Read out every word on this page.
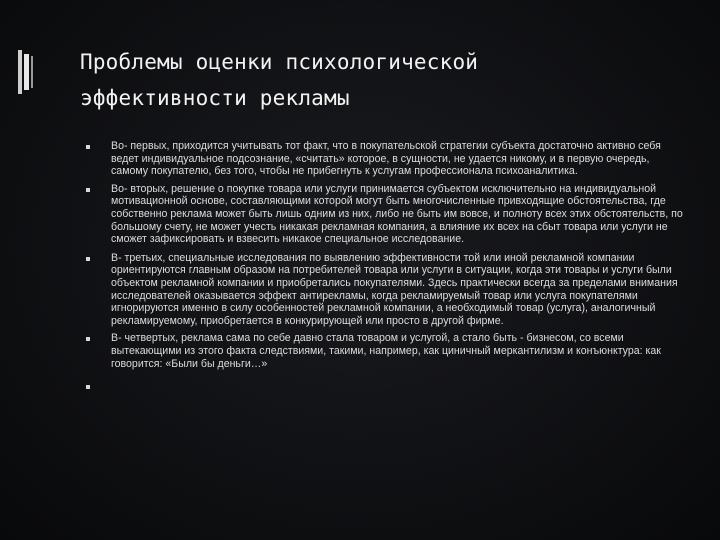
Проблемы оценки психологической
эффективности рекламы
Во- первых, приходится учитывать тот факт, что в покупательской стратегии субъекта достаточно активно себя ведет индивидуальное подсознание, «считать» которое, в сущности, не удается никому, и в первую очередь, самому покупателю, без того, чтобы не прибегнуть к услугам профессионала психоаналитика.
Во- вторых, решение о покупке товара или услуги принимается субъектом исключительно на индивидуальной мотивационной основе, составляющими которой могут быть многочисленные привходящие обстоятельства, где собственно реклама может быть лишь одним из них, либо не быть им вовсе, и полноту всех этих обстоятельств, по большому счету, не может учесть никакая рекламная компания, а влияние их всех на сбыт товара или услуги не сможет зафиксировать и взвесить никакое специальное исследование.
В- третьих, специальные исследования по выявлению эффективности той или иной рекламной компании ориентируются главным образом на потребителей товара или услуги в ситуации, когда эти товары и услуги были объектом рекламной компании и приобретались покупателями. Здесь практически всегда за пределами внимания исследователей оказывается эффект антирекламы, когда рекламируемый товар или услуга покупателями игнорируются именно в силу особенностей рекламной компании, а необходимый товар (услуга), аналогичный рекламируемому, приобретается в конкурирующей или просто в другой фирме.
В- четвертых, реклама сама по себе давно стала товаром и услугой, а стало быть - бизнесом, со всеми вытекающими из этого факта следствиями, такими, например, как циничный меркантилизм и конъюнктура: как говорится: «Были бы деньги…»
